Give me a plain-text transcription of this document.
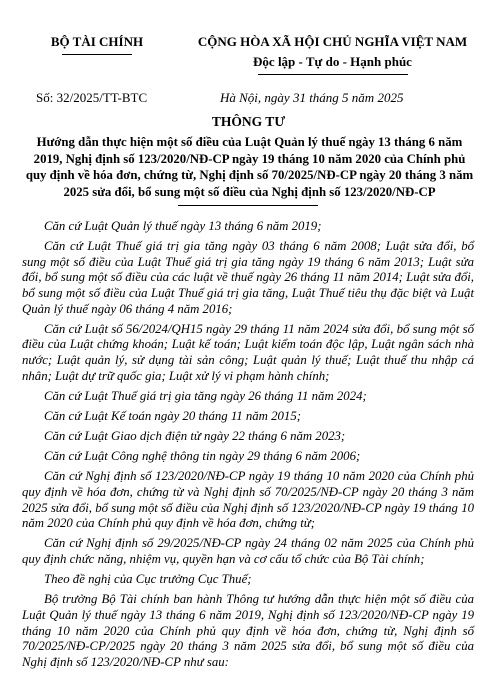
BỘ TÀI CHÍNH	CỘNG HÒA XÃ HỘI CHỦ NGHĨA VIỆT NAM
Độc lập - Tự do - Hạnh phúc
Số: 32/2025/TT-BTC	Hà Nội, ngày 31 tháng 5 năm 2025
THÔNG TƯ
Hướng dẫn thực hiện một số điều của Luật Quản lý thuế ngày 13 tháng 6 năm 2019, Nghị định số 123/2020/NĐ-CP ngày 19 tháng 10 năm 2020 của Chính phủ quy định về hóa đơn, chứng từ, Nghị định số 70/2025/NĐ-CP ngày 20 tháng 3 năm 2025 sửa đổi, bổ sung một số điều của Nghị định số 123/2020/NĐ-CP

Căn cứ Luật Quản lý thuế ngày 13 tháng 6 năm 2019;

Căn cứ Luật Thuế giá trị gia tăng ngày 03 tháng 6 năm 2008; Luật sửa đổi, bổ sung một số điều của Luật Thuế giá trị gia tăng ngày 19 tháng 6 năm 2013; Luật sửa đổi, bổ sung một số điều của các luật về thuế ngày 26 tháng 11 năm 2014; Luật sửa đổi, bổ sung một số điều của Luật Thuế giá trị gia tăng, Luật Thuế tiêu thụ đặc biệt và Luật Quản lý thuế ngày 06 tháng 4 năm 2016;

Căn cứ Luật số 56/2024/QH15 ngày 29 tháng 11 năm 2024 sửa đổi, bổ sung một số điều của Luật chứng khoán; Luật kế toán; Luật kiểm toán độc lập, Luật ngân sách nhà nước; Luật quản lý, sử dụng tài sản công; Luật quản lý thuế; Luật thuế thu nhập cá nhân; Luật dự trữ quốc gia; Luật xử lý vi phạm hành chính;

Căn cứ Luật Thuế giá trị gia tăng ngày 26 tháng 11 năm 2024;

Căn cứ Luật Kế toán ngày 20 tháng 11 năm 2015;

Căn cứ Luật Giao dịch điện tử ngày 22 tháng 6 năm 2023;

Căn cứ Luật Công nghệ thông tin ngày 29 tháng 6 năm 2006;

Căn cứ Nghị định số 123/2020/NĐ-CP ngày 19 tháng 10 năm 2020 của Chính phủ quy định về hóa đơn, chứng từ và Nghị định số 70/2025/NĐ-CP ngày 20 tháng 3 năm 2025 sửa đổi, bổ sung một số điều của Nghị định số 123/2020/NĐ-CP ngày 19 tháng 10 năm 2020 của Chính phủ quy định về hóa đơn, chứng từ;

Căn cứ Nghị định số 29/2025/NĐ-CP ngày 24 tháng 02 năm 2025 của Chính phủ quy định chức năng, nhiệm vụ, quyền hạn và cơ cấu tổ chức của Bộ Tài chính;

Theo đề nghị của Cục trưởng Cục Thuế;

Bộ trưởng Bộ Tài chính ban hành Thông tư hướng dẫn thực hiện một số điều của Luật Quản lý thuế ngày 13 tháng 6 năm 2019, Nghị định số 123/2020/NĐ-CP ngày 19 tháng 10 năm 2020 của Chính phủ quy định về hóa đơn, chứng từ, Nghị định số 70/2025/NĐ-CP/2025 ngày 20 tháng 3 năm 2025 sửa đổi, bổ sung một số điều của Nghị định số 123/2020/NĐ-CP như sau:
